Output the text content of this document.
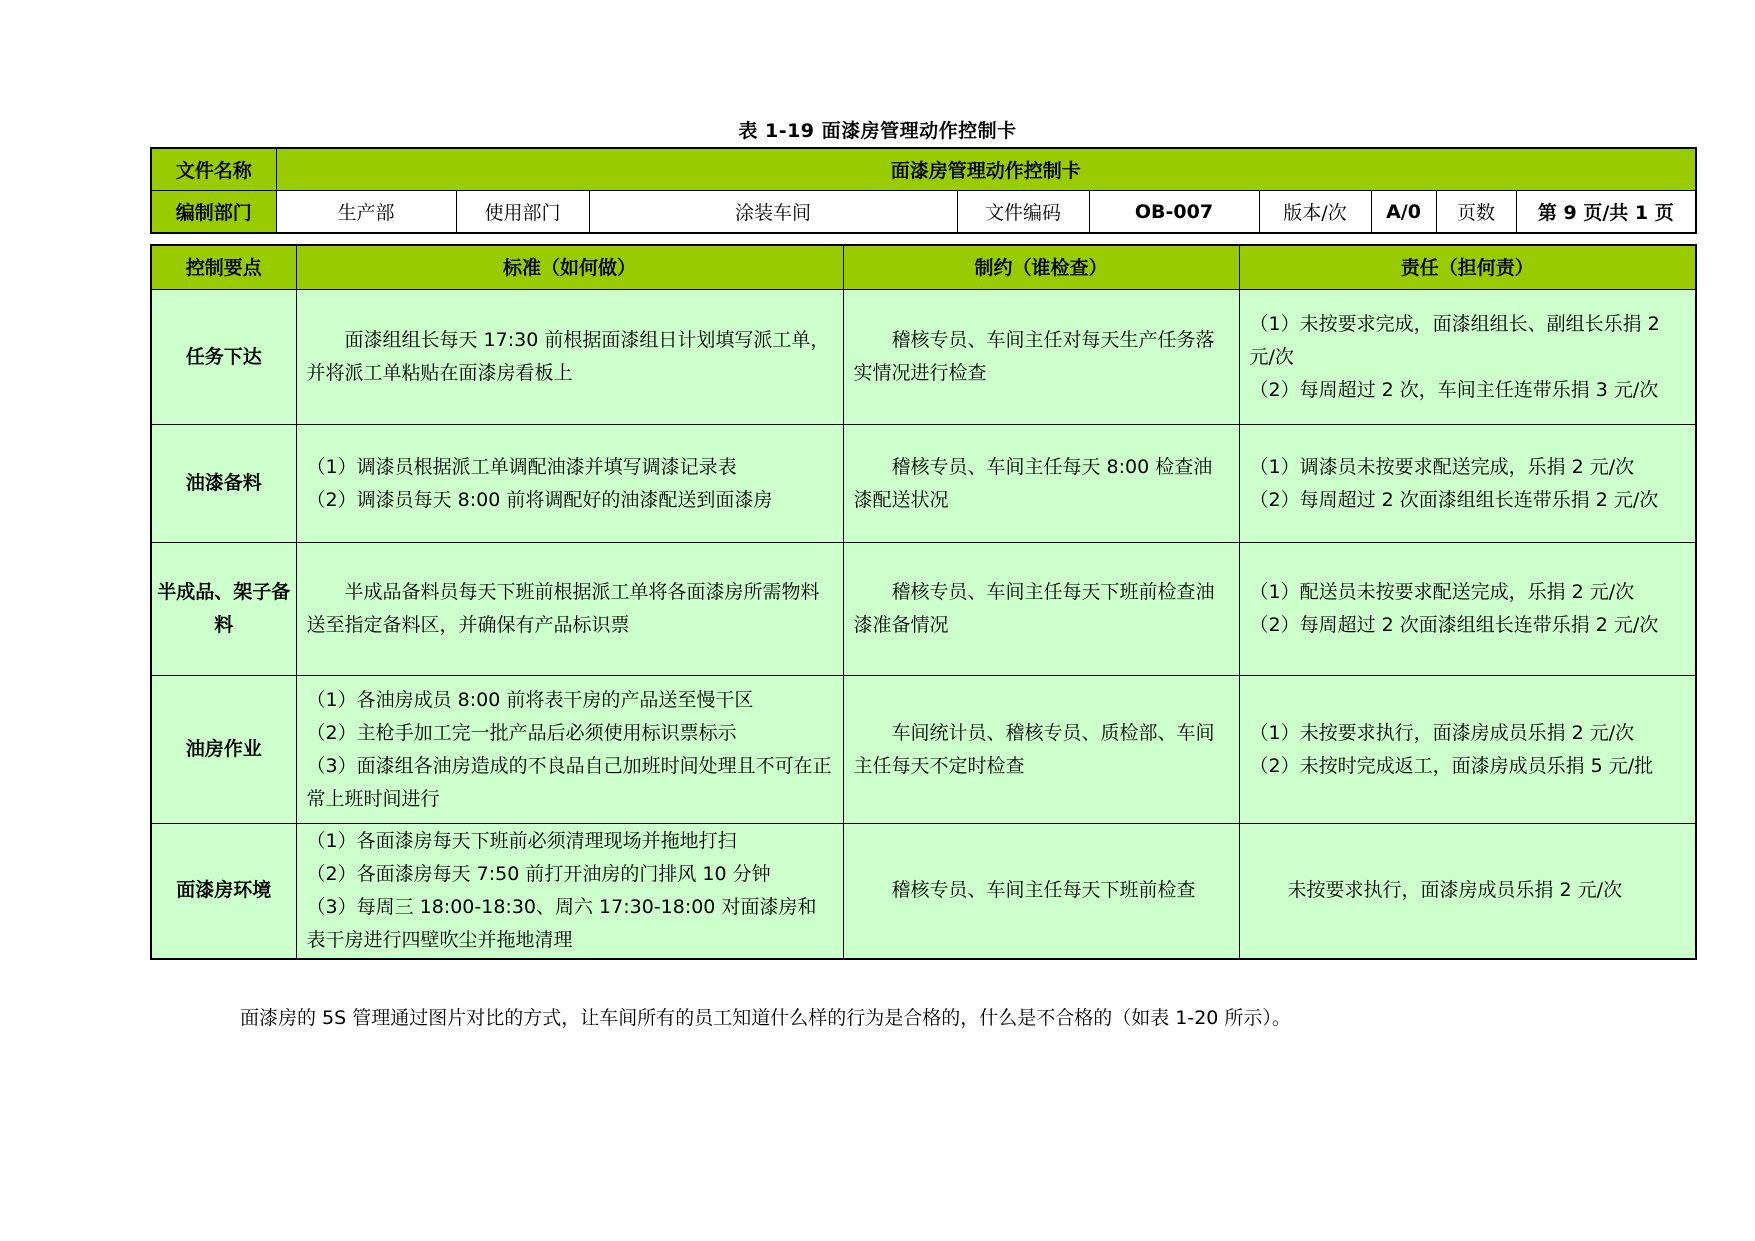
表 1-19 面漆房管理动作控制卡
文件名称	面漆房管理动作控制卡								
编制部门	生产部	使用部门	涂装车间	文件编码	OB-007	版本/次	A/0	页数	第 9 页/共 1 页
控制要点	标准（如何做）	制约（谁检查）	责任（担何责）
任务下达	面漆组组长每天 17:30 前根据面漆组日计划填写派工单，并将派工单粘贴在面漆房看板上	稽核专员、车间主任对每天生产任务落实情况进行检查	（1）未按要求完成，面漆组组长、副组长乐捐 2 元/次
（2）每周超过 2 次，车间主任连带乐捐 3 元/次

油漆备料	（1）调漆员根据派工单调配油漆并填写调漆记录表
（2）调漆员每天 8:00 前将调配好的油漆配送到面漆房	稽核专员、车间主任每天 8:00 检查油漆配送状况	（1）调漆员未按要求配送完成，乐捐 2 元/次
（2）每周超过 2 次面漆组组长连带乐捐 2 元/次

半成品、架子备料	半成品备料员每天下班前根据派工单将各面漆房所需物料送至指定备料区，并确保有产品标识票	稽核专员、车间主任每天下班前检查油漆准备情况	（1）配送员未按要求配送完成，乐捐 2 元/次
（2）每周超过 2 次面漆组组长连带乐捐 2 元/次

油房作业	（1）各油房成员 8:00 前将表干房的产品送至慢干区
（2）主枪手加工完一批产品后必须使用标识票标示
（3）面漆组各油房造成的不良品自己加班时间处理且不可在正常上班时间进行	车间统计员、稽核专员、质检部、车间主任每天不定时检查	（1）未按要求执行，面漆房成员乐捐 2 元/次
（2）未按时完成返工，面漆房成员乐捐 5 元/批

面漆房环境	（1）各面漆房每天下班前必须清理现场并拖地打扫
（2）各面漆房每天 7:50 前打开油房的门排风 10 分钟
（3）每周三 18:00-18:30、周六 17:30-18:00 对面漆房和表干房进行四壁吹尘并拖地清理	稽核专员、车间主任每天下班前检查	未按要求执行，面漆房成员乐捐 2 元/次
面漆房的 5S 管理通过图片对比的方式，让车间所有的员工知道什么样的行为是合格的，什么是不合格的（如表 1-20 所示）。
